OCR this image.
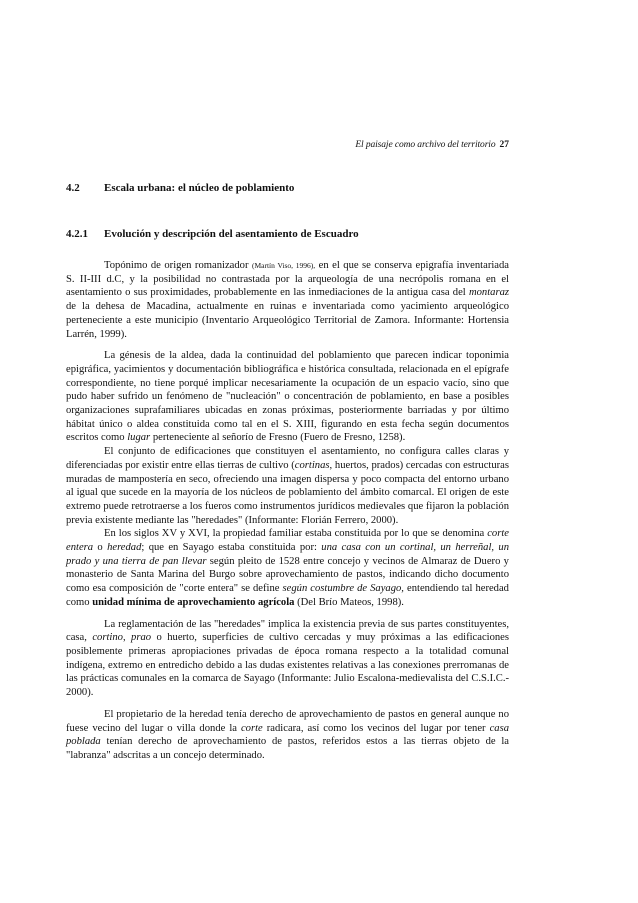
El paisaje como archivo del territorio 27
4.2 Escala urbana: el núcleo de poblamiento
4.2.1 Evolución y descripción del asentamiento de Escuadro

Topónimo de origen romanizador (Martín Viso, 1996), en el que se conserva epigrafía inventariada S. II-III d.C, y la posibilidad no contrastada por la arqueología de una necrópolis romana en el asentamiento o sus proximidades, probablemente en las inmediaciones de la antigua casa del montaraz de la dehesa de Macadina, actualmente en ruinas e inventariada como yacimiento arqueológico perteneciente a este municipio (Inventario Arqueológico Territorial de Zamora. Informante: Hortensia Larrén, 1999).

La génesis de la aldea, dada la continuidad del poblamiento que parecen indicar toponimia epigráfica, yacimientos y documentación bibliográfica e histórica consultada, relacionada en el epígrafe correspondiente, no tiene porqué implicar necesariamente la ocupación de un espacio vacío, sino que pudo haber sufrido un fenómeno de "nucleación" o concentración de poblamiento, en base a posibles organizaciones suprafamiliares ubicadas en zonas próximas, posteriormente barriadas y por último hábitat único o aldea constituida como tal en el S. XIII, figurando en esta fecha según documentos escritos como lugar perteneciente al señorío de Fresno (Fuero de Fresno, 1258).

El conjunto de edificaciones que constituyen el asentamiento, no configura calles claras y diferenciadas por existir entre ellas tierras de cultivo (cortinas, huertos, prados) cercadas con estructuras muradas de mampostería en seco, ofreciendo una imagen dispersa y poco compacta del entorno urbano al igual que sucede en la mayoría de los núcleos de poblamiento del ámbito comarcal. El origen de este extremo puede retrotraerse a los fueros como instrumentos jurídicos medievales que fijaron la población previa existente mediante las "heredades" (Informante: Florián Ferrero, 2000).

En los siglos XV y XVI, la propiedad familiar estaba constituida por lo que se denomina corte entera o heredad; que en Sayago estaba constituida por: una casa con un cortinal, un herreñal, un prado y una tierra de pan llevar según pleito de 1528 entre concejo y vecinos de Almaraz de Duero y monasterio de Santa Marina del Burgo sobre aprovechamiento de pastos, indicando dicho documento como esa composición de "corte entera" se define según costumbre de Sayago, entendiendo tal heredad como unidad mínima de aprovechamiento agrícola (Del Brío Mateos, 1998).

La reglamentación de las "heredades" implica la existencia previa de sus partes constituyentes, casa, cortino, prao o huerto, superficies de cultivo cercadas y muy próximas a las edificaciones posiblemente primeras apropiaciones privadas de época romana respecto a la totalidad comunal indígena, extremo en entredicho debido a las dudas existentes relativas a las conexiones prerromanas de las prácticas comunales en la comarca de Sayago (Informante: Julio Escalona-medievalista del C.S.I.C.- 2000).

El propietario de la heredad tenía derecho de aprovechamiento de pastos en general aunque no fuese vecino del lugar o villa donde la corte radicara, así como los vecinos del lugar por tener casa poblada tenían derecho de aprovechamiento de pastos, referidos estos a las tierras objeto de la "labranza" adscritas a un concejo determinado.
